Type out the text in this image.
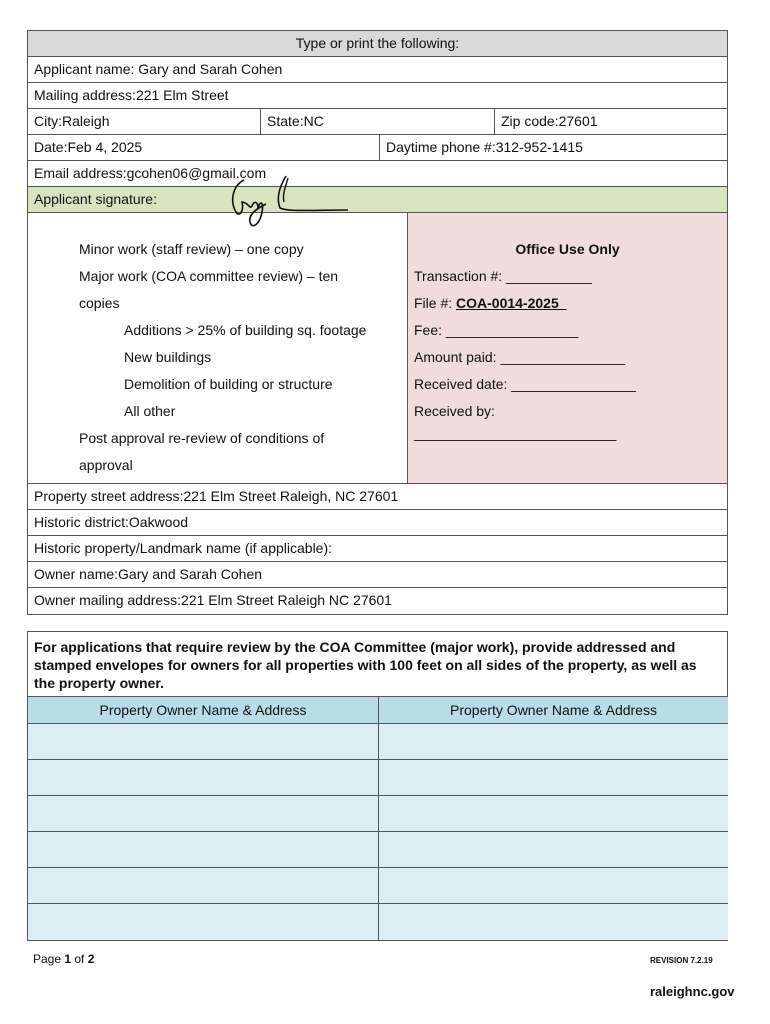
Type or print the following:
Applicant name: Gary and Sarah Cohen
Mailing address:221 Elm Street
City:Raleigh	State:NC	Zip code:27601
Date:Feb 4, 2025	Daytime phone #:312-952-1415
Email address:gcohen06@gmail.com
Applicant signature:
Minor work (staff review) – one copy
Major work (COA committee review) – ten
copies
Additions > 25% of building sq. footage
New buildings
Demolition of building or structure
All other
Post approval re-review of conditions of
approval
Office Use Only
Transaction #: ___________
File #: COA-0014-2025
Fee: _________________
Amount paid: ________________
Received date: ________________
Received by:
__________________________
Property street address:221 Elm Street Raleigh, NC 27601
Historic district:Oakwood
Historic property/Landmark name (if applicable):
Owner name:Gary and Sarah Cohen
Owner mailing address:221 Elm Street Raleigh NC 27601
For applications that require review by the COA Committee (major work), provide addressed and stamped envelopes for owners for all properties with 100 feet on all sides of the property, as well as the property owner.
Property Owner Name & Address	Property Owner Name & Address
Page 1 of 2	REVISION 7.2.19
raleighnc.gov
